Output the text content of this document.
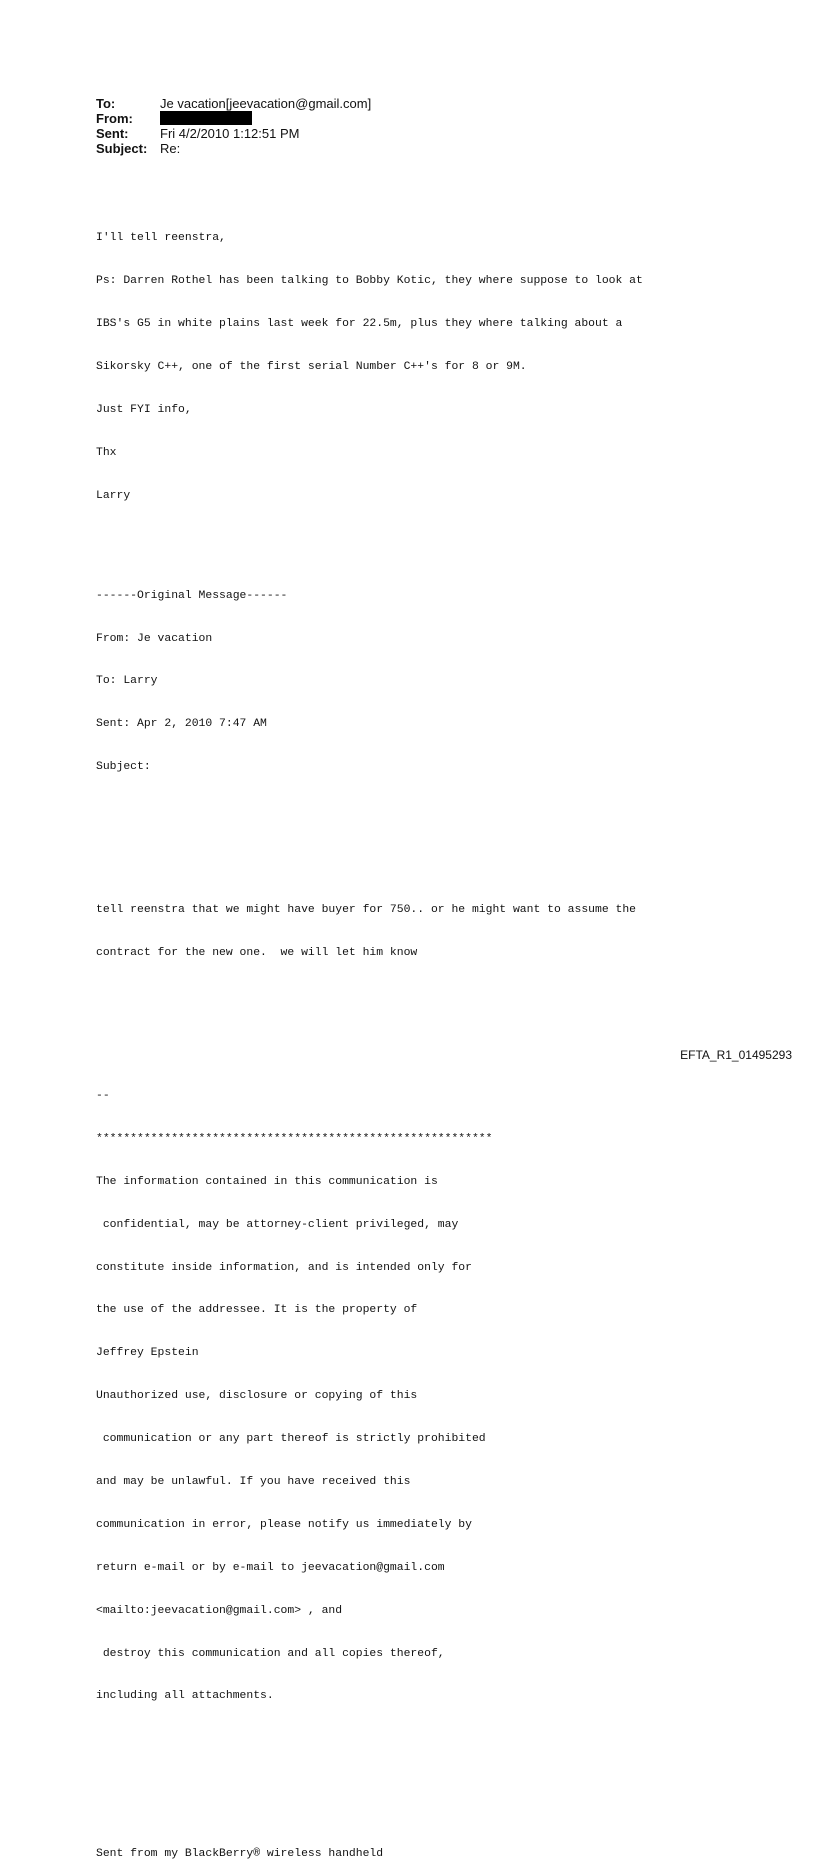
To:	Je vacation[jeevacation@gmail.com]
From:
Sent:	Fri 4/2/2010 1:12:51 PM
Subject: Re:

I'll tell reenstra,

Ps: Darren Rothel has been talking to Bobby Kotic, they where suppose to look at

IBS's G5 in white plains last week for 22.5m, plus they where talking about a

Sikorsky C++, one of the first serial Number C++'s for 8 or 9M.

Just FYI info,

Thx

Larry

------Original Message------

From: Je vacation

To: Larry

Sent: Apr 2, 2010 7:47 AM

Subject:

tell reenstra that we might have buyer for 750.. or he might want to assume the

contract for the new one.  we will let him know

--

**********************************************************

The information contained in this communication is

confidential, may be attorney-client privileged, may

constitute inside information, and is intended only for

the use of the addressee. It is the property of

Jeffrey Epstein

Unauthorized use, disclosure or copying of this

communication or any part thereof is strictly prohibited

and may be unlawful. If you have received this

communication in error, please notify us immediately by

return e-mail or by e-mail to jeevacation@gmail.com

<mailto:jeevacation@gmail.com> , and

destroy this communication and all copies thereof,

including all attachments.

Sent from my BlackBerry® wireless handheld

EFTA_R1_01495293
